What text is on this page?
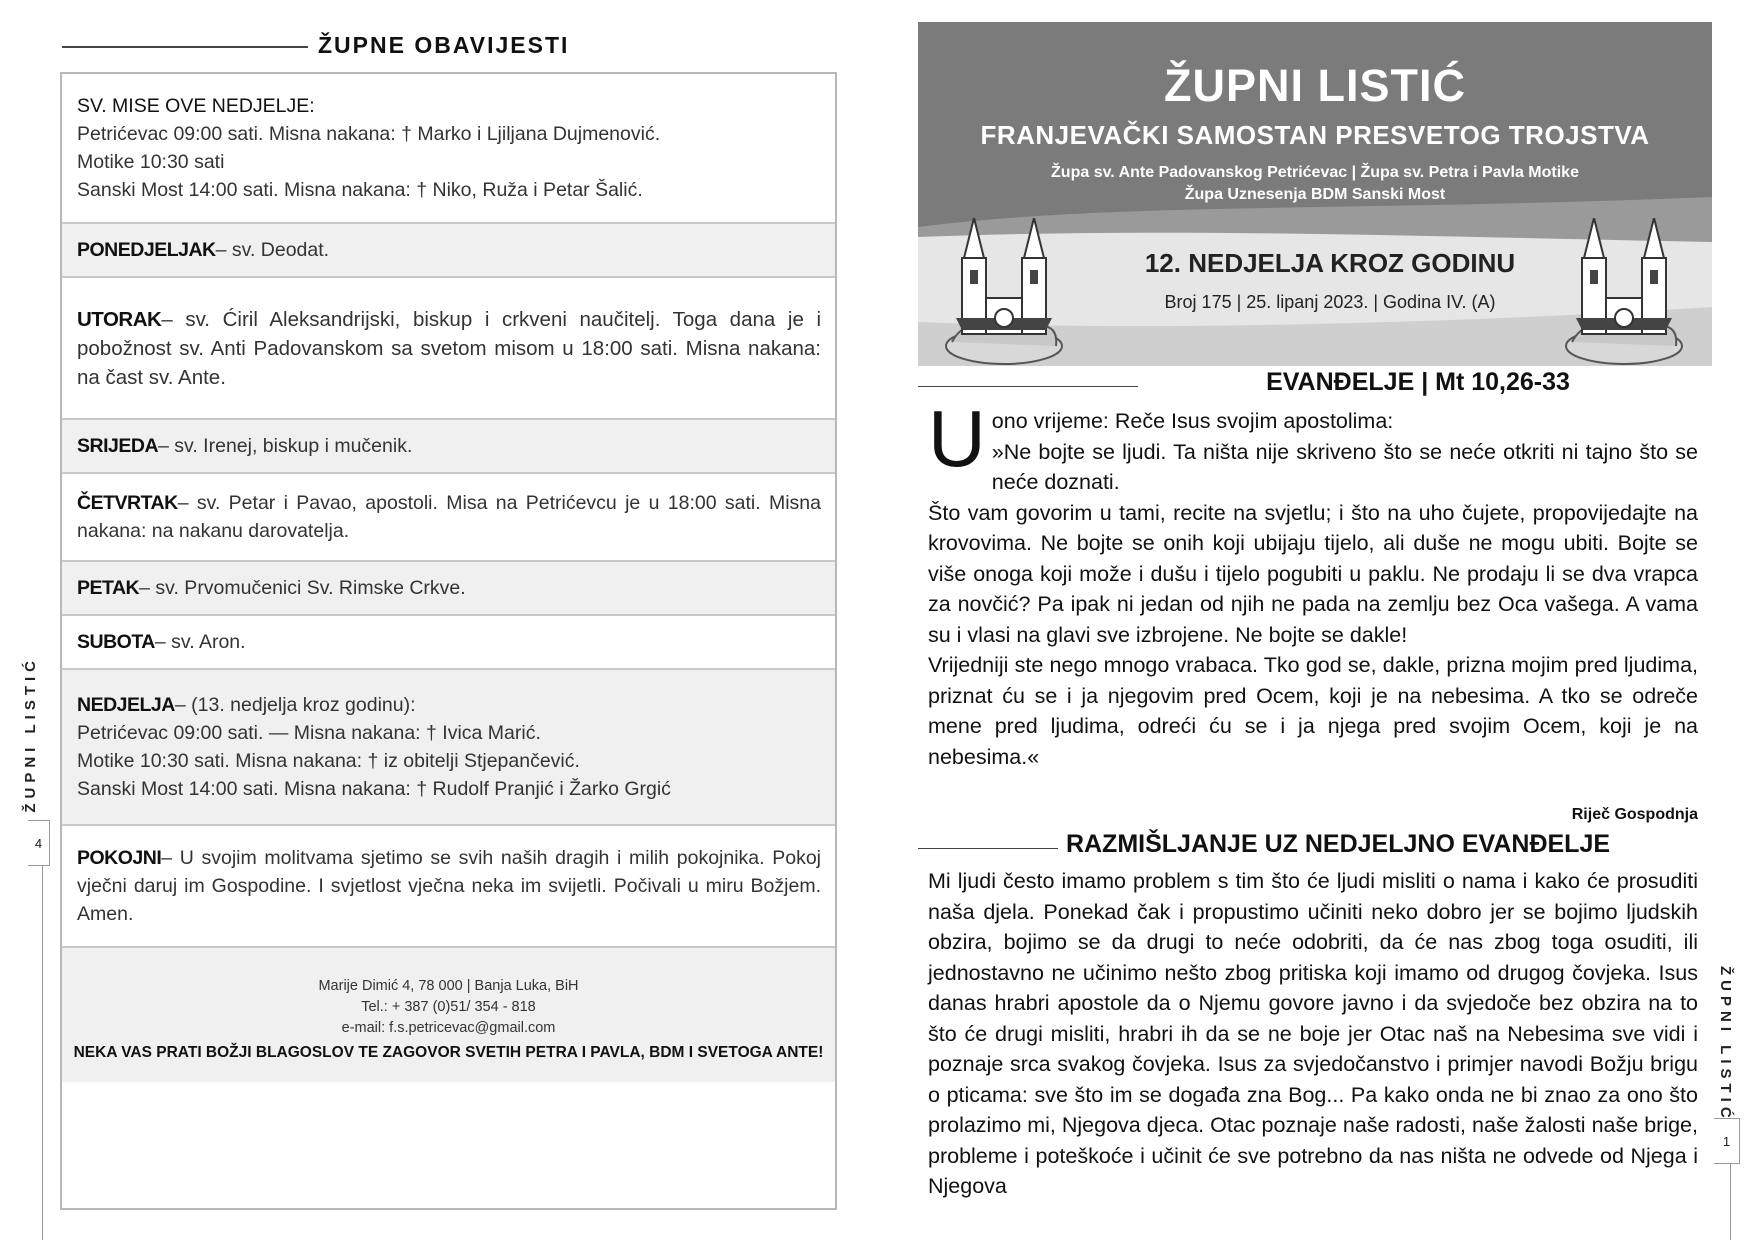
ŽUPNE OBAVIJESTI
SV. MISE OVE NEDJELJE:
Petrićevac 09:00 sati. Misna nakana: † Marko i Ljiljana Dujmenović.
Motike 10:30 sati
Sanski Most 14:00 sati. Misna nakana: † Niko, Ruža i Petar Šalić.
PONEDJELJAK– sv. Deodat.
UTORAK– sv. Ćiril Aleksandrijski, biskup i crkveni naučitelj. Toga dana je i pobožnost sv. Anti Padovanskom sa svetom misom u 18:00 sati. Misna nakana: na čast sv. Ante.
SRIJEDA– sv. Irenej, biskup i mučenik.
ČETVRTAK– sv. Petar i Pavao, apostoli. Misa na Petrićevcu je u 18:00 sati. Misna nakana: na nakanu darovatelja.
PETAK– sv. Prvomučenici Sv. Rimske Crkve.
SUBOTA– sv. Aron.
NEDJELJA– (13. nedjelja kroz godinu):
Petrićevac 09:00 sati. — Misna nakana: † Ivica Marić.
Motike 10:30 sati. Misna nakana: † iz obitelji Stjepančević.
Sanski Most 14:00 sati. Misna nakana: † Rudolf Pranjić i Žarko Grgić
POKOJNI– U svojim molitvama sjetimo se svih naših dragih i milih pokojnika. Pokoj vječni daruj im Gospodine. I svjetlost vječna neka im svijetli. Počivali u miru Božjem. Amen.
Marije Dimić 4, 78 000 | Banja Luka, BiH
Tel.: + 387 (0)51/ 354 - 818
e-mail: f.s.petricevac@gmail.com
NEKA VAS PRATI BOŽJI BLAGOSLOV TE ZAGOVOR SVETIH PETRA I PAVLA, BDM I SVETOGA ANTE!
ŽUPNI LISTIĆ
4
ŽUPNI LISTIĆ
FRANJEVAČKI SAMOSTAN PRESVETOG TROJSTVA
Župa sv. Ante Padovanskog Petrićevac | Župa sv. Petra i Pavla Motike
Župa Uznesenja BDM Sanski Most
12. NEDJELJA KROZ GODINU
Broj 175 | 25. lipanj 2023. | Godina IV. (A)
EVANĐELJE | Mt 10,26-33
U ono vrijeme: Reče Isus svojim apostolima:

»Ne bojte se ljudi. Ta ništa nije skriveno što se neće otkriti ni tajno što se neće doznati.

Što vam govorim u tami, recite na svjetlu; i što na uho čujete, propovijedajte na krovovima. Ne bojte se onih koji ubijaju tijelo, ali duše ne mogu ubiti. Bojte se više onoga koji može i dušu i tijelo pogubiti u paklu. Ne prodaju li se dva vrapca za novčić? Pa ipak ni jedan od njih ne pada na zemlju bez Oca vašega. A vama su i vlasi na glavi sve izbrojene. Ne bojte se dakle!

Vrijedniji ste nego mnogo vrabaca. Tko god se, dakle, prizna mojim pred ljudima, priznat ću se i ja njegovim pred Ocem, koji je na nebesima. A tko se odreče mene pred ljudima, odreći ću se i ja njega pred svojim Ocem, koji je na nebesima.«

Riječ Gospodnja
RAZMIŠLJANJE UZ NEDJELJNO EVANĐELJE
Mi ljudi često imamo problem s tim što će ljudi misliti o nama i kako će prosuditi naša djela. Ponekad čak i propustimo učiniti neko dobro jer se bojimo ljudskih obzira, bojimo se da drugi to neće odobriti, da će nas zbog toga osuditi, ili jednostavno ne učinimo nešto zbog pritiska koji imamo od drugog čovjeka. Isus danas hrabri apostole da o Njemu govore javno i da svjedoče bez obzira na to što će drugi misliti, hrabri ih da se ne boje jer Otac naš na Nebesima sve vidi i poznaje srca svakog čovjeka. Isus za svjedočanstvo i primjer navodi Božju brigu o pticama: sve što im se događa zna Bog... Pa kako onda ne bi znao za ono što prolazimo mi, Njegova djeca. Otac poznaje naše radosti, naše žalosti naše brige, probleme i poteškoće i učinit će sve potrebno da nas ništa ne odvede od Njega i Njegova
ŽUPNI LISTIĆ
1
